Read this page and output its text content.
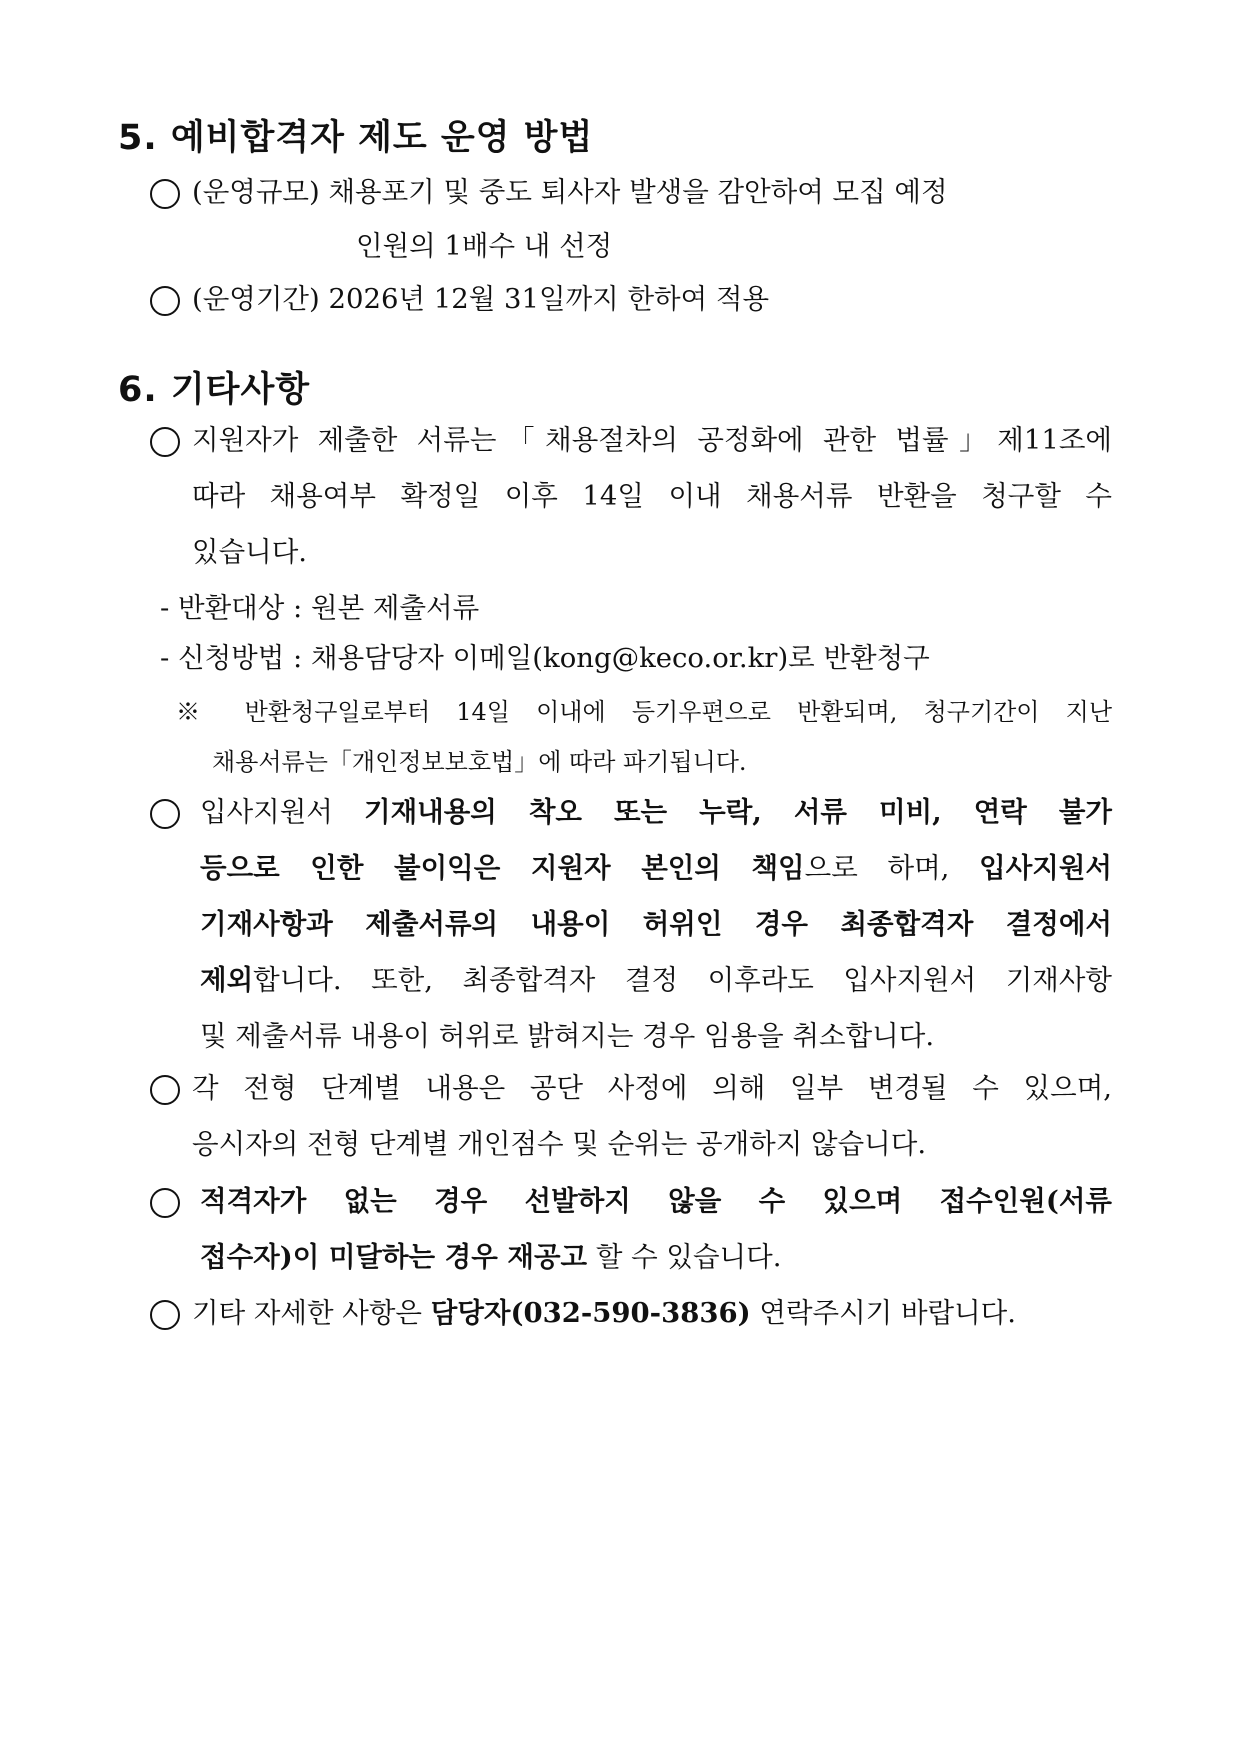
5. 예비합격자 제도 운영 방법
(운영규모) 채용포기 및 중도 퇴사자 발생을 감안하여 모집 예정
인원의 1배수 내 선정
(운영기간) 2026년 12월 31일까지 한하여 적용
6. 기타사항
지원자가 제출한 서류는「채용절차의 공정화에 관한 법률」제11조에
따라 채용여부 확정일 이후 14일 이내 채용서류 반환을 청구할 수
있습니다.
- 반환대상 : 원본 제출서류
- 신청방법 : 채용담당자 이메일(kong@keco.or.kr)로 반환청구
※ 반환청구일로부터 14일 이내에 등기우편으로 반환되며, 청구기간이 지난
채용서류는「개인정보보호법」에 따라 파기됩니다.
입사지원서 기재내용의 착오 또는 누락, 서류 미비, 연락 불가
등으로 인한 불이익은 지원자 본인의 책임으로 하며, 입사지원서
기재사항과 제출서류의 내용이 허위인 경우 최종합격자 결정에서
제외합니다. 또한, 최종합격자 결정 이후라도 입사지원서 기재사항
및 제출서류 내용이 허위로 밝혀지는 경우 임용을 취소합니다.
각 전형 단계별 내용은 공단 사정에 의해 일부 변경될 수 있으며,
응시자의 전형 단계별 개인점수 및 순위는 공개하지 않습니다.
적격자가 없는 경우 선발하지 않을 수 있으며 접수인원(서류
접수자)이 미달하는 경우 재공고 할 수 있습니다.
기타 자세한 사항은 담당자(032-590-3836) 연락주시기 바랍니다.
